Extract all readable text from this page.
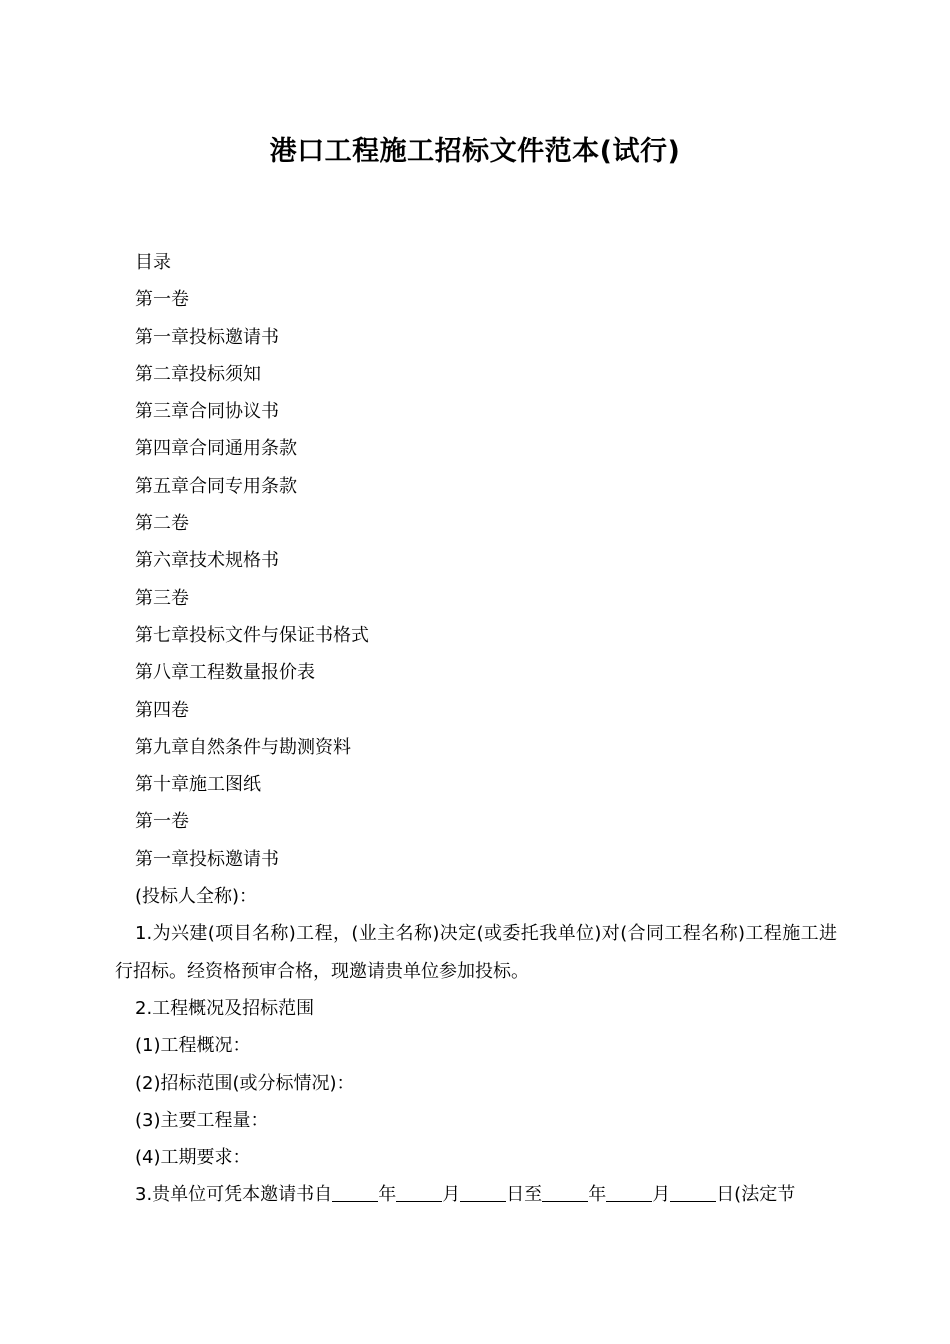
港口工程施工招标文件范本(试行)

目录

第一卷

第一章投标邀请书

第二章投标须知

第三章合同协议书

第四章合同通用条款

第五章合同专用条款

第二卷

第六章技术规格书

第三卷

第七章投标文件与保证书格式

第八章工程数量报价表

第四卷

第九章自然条件与勘测资料

第十章施工图纸

第一卷

第一章投标邀请书

(投标人全称)：

1.为兴建(项目名称)工程，(业主名称)决定(或委托我单位)对(合同工程名称)工程施工进行招标。经资格预审合格，现邀请贵单位参加投标。

2.工程概况及招标范围

(1)工程概况：

(2)招标范围(或分标情况)：

(3)主要工程量：

(4)工期要求：

3.贵单位可凭本邀请书自	年	月	日至	年	月	日(法定节
